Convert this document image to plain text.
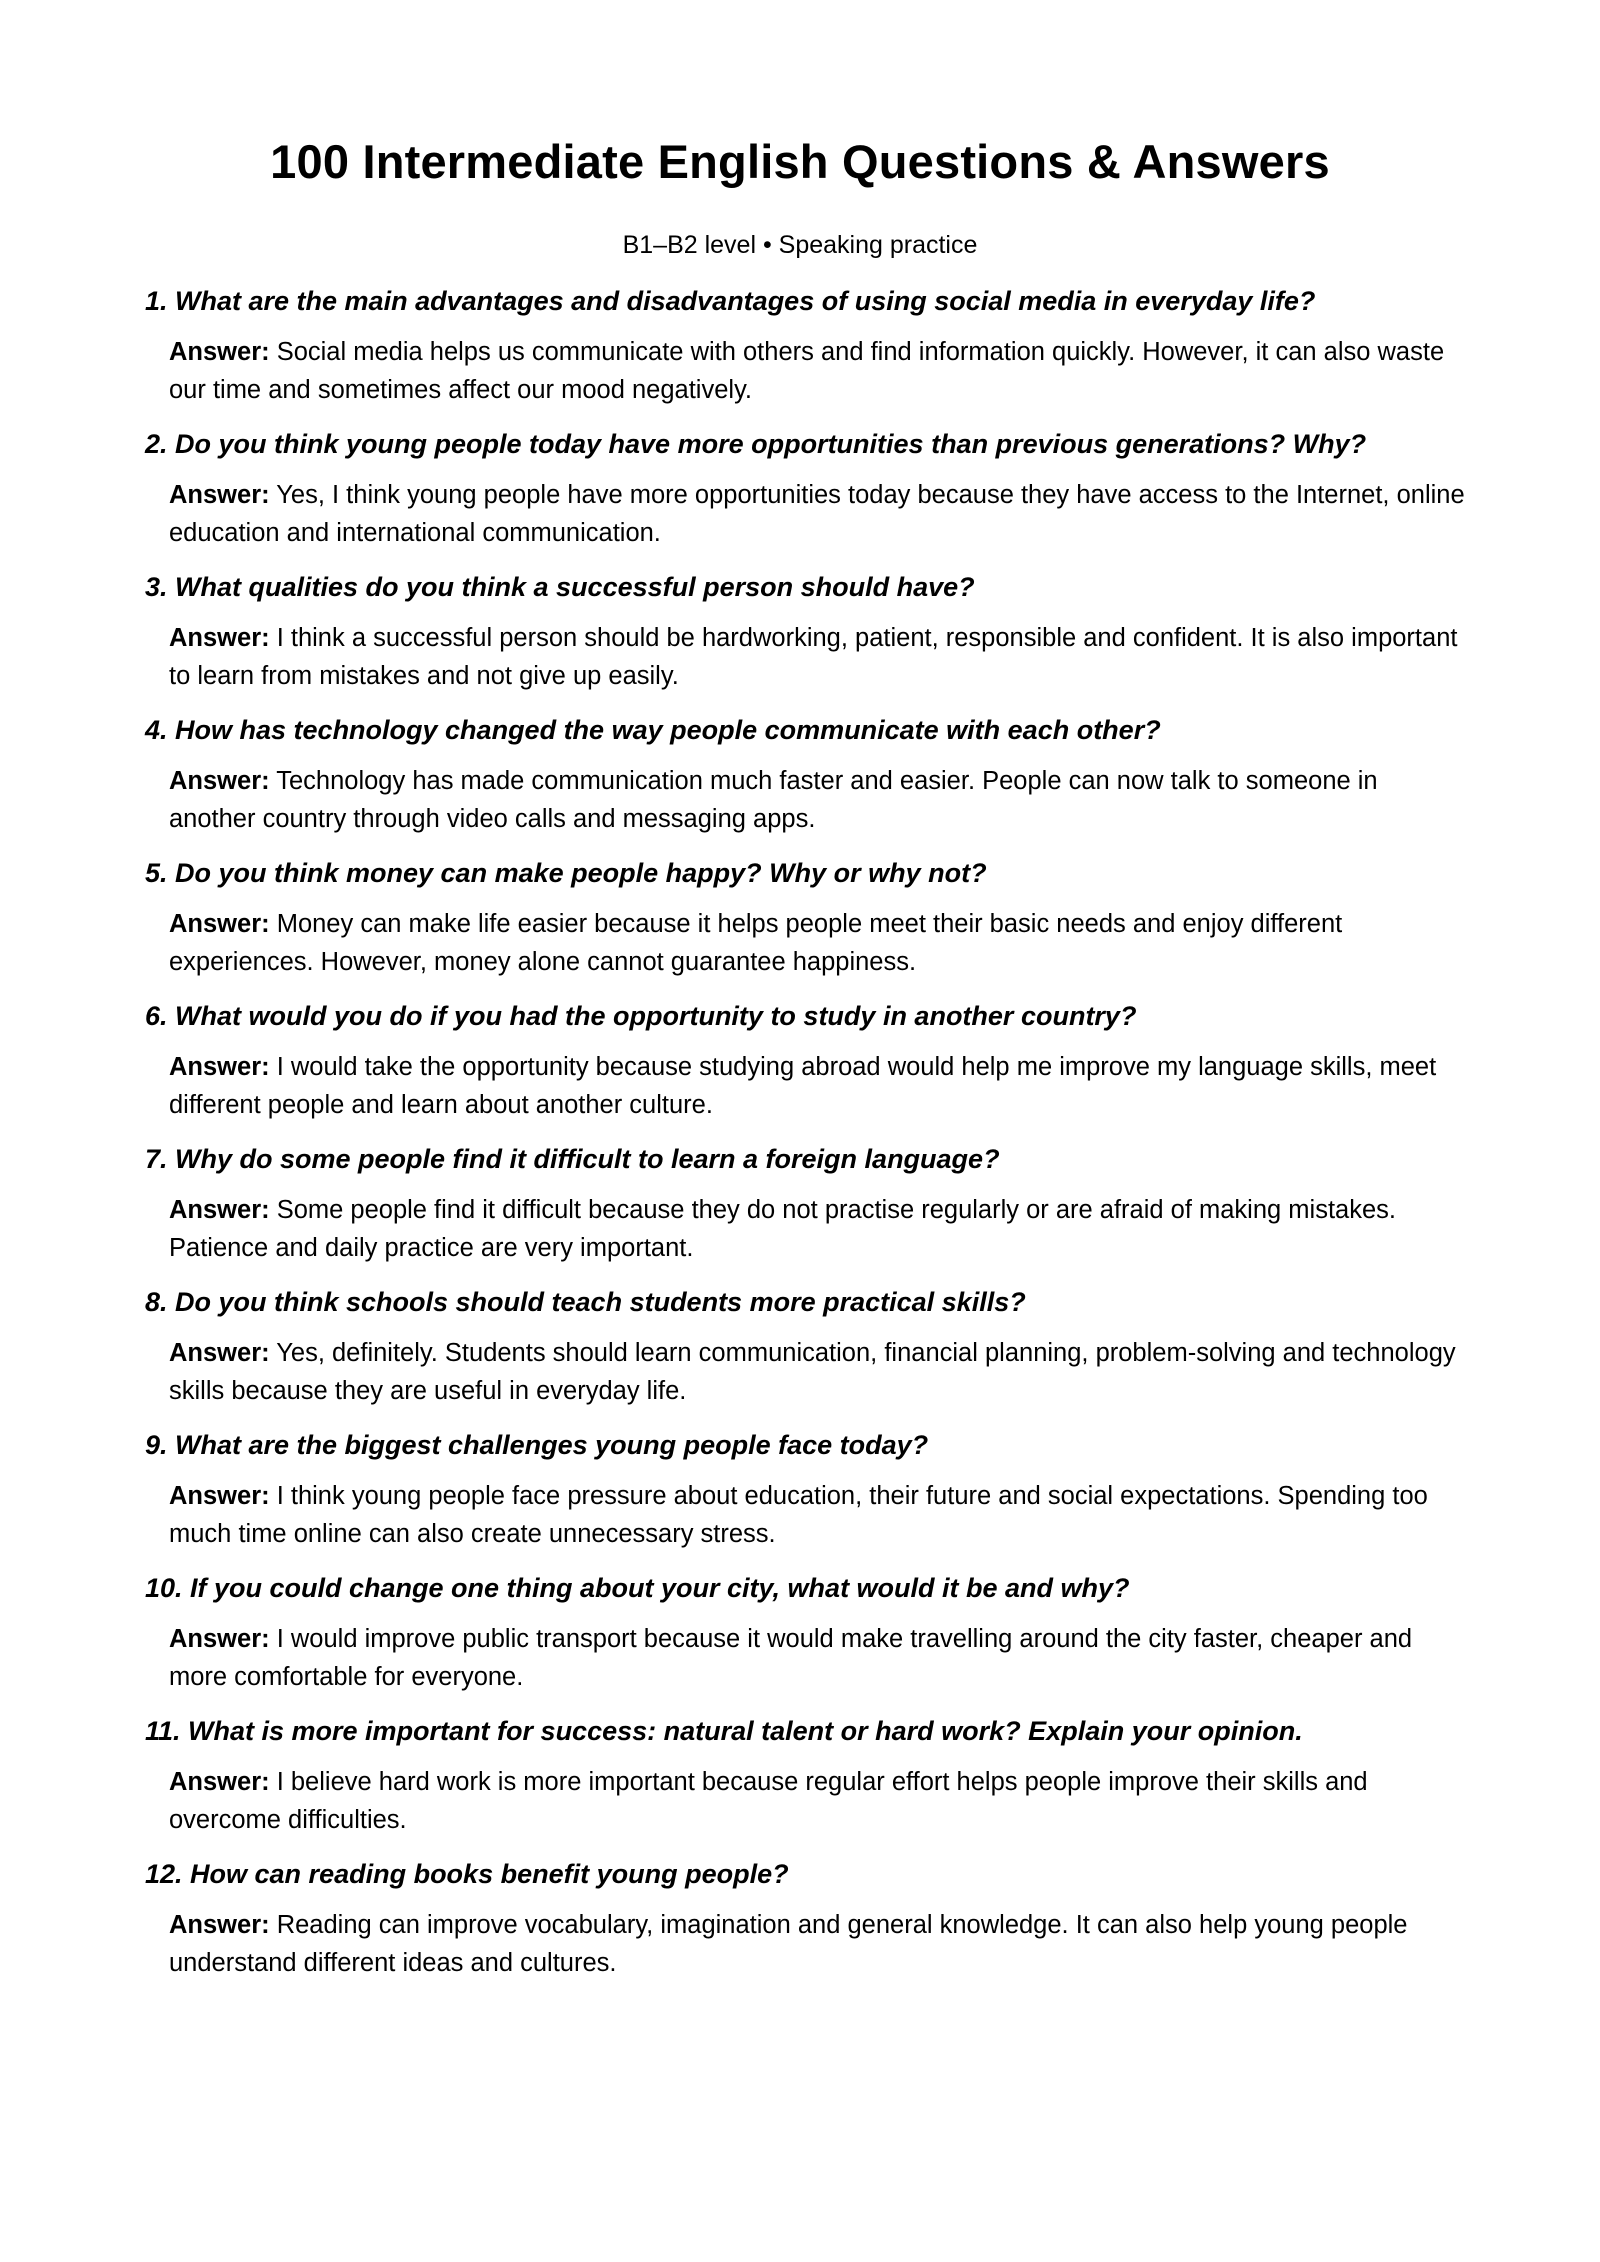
100 Intermediate English Questions & Answers

B1–B2 level • Speaking practice

1. What are the main advantages and disadvantages of using social media in everyday life?

Answer: Social media helps us communicate with others and find information quickly. However, it can also waste our time and sometimes affect our mood negatively.

2. Do you think young people today have more opportunities than previous generations? Why?

Answer: Yes, I think young people have more opportunities today because they have access to the Internet, online education and international communication.

3. What qualities do you think a successful person should have?

Answer: I think a successful person should be hardworking, patient, responsible and confident. It is also important to learn from mistakes and not give up easily.

4. How has technology changed the way people communicate with each other?

Answer: Technology has made communication much faster and easier. People can now talk to someone in another country through video calls and messaging apps.

5. Do you think money can make people happy? Why or why not?

Answer: Money can make life easier because it helps people meet their basic needs and enjoy different experiences. However, money alone cannot guarantee happiness.

6. What would you do if you had the opportunity to study in another country?

Answer: I would take the opportunity because studying abroad would help me improve my language skills, meet different people and learn about another culture.

7. Why do some people find it difficult to learn a foreign language?

Answer: Some people find it difficult because they do not practise regularly or are afraid of making mistakes. Patience and daily practice are very important.

8. Do you think schools should teach students more practical skills?

Answer: Yes, definitely. Students should learn communication, financial planning, problem-solving and technology skills because they are useful in everyday life.

9. What are the biggest challenges young people face today?

Answer: I think young people face pressure about education, their future and social expectations. Spending too much time online can also create unnecessary stress.

10. If you could change one thing about your city, what would it be and why?

Answer: I would improve public transport because it would make travelling around the city faster, cheaper and more comfortable for everyone.

11. What is more important for success: natural talent or hard work? Explain your opinion.

Answer: I believe hard work is more important because regular effort helps people improve their skills and overcome difficulties.

12. How can reading books benefit young people?

Answer: Reading can improve vocabulary, imagination and general knowledge. It can also help young people understand different ideas and cultures.
